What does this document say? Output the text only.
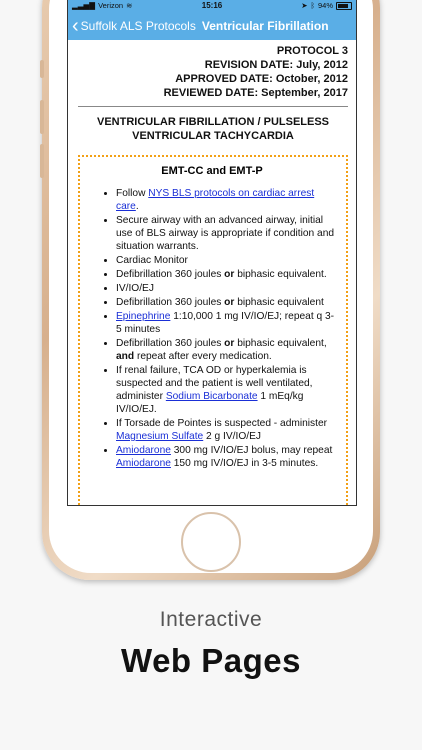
▂▃▅▇ Verizon ≋	15:16	➤ ᛒ 94%
‹ Suffolk ALS Protocols Ventricular Fibrillation
PROTOCOL 3
REVISION DATE: July, 2012
APPROVED DATE: October, 2012
REVIEWED DATE: September, 2017
VENTRICULAR FIBRILLATION / PULSELESS
VENTRICULAR TACHYCARDIA
EMT-CC and EMT-P
• Follow NYS BLS protocols on cardiac arrest care.
• Secure airway with an advanced airway, initial use of BLS airway is appropriate if condition and situation warrants.
• Cardiac Monitor
• Defibrillation 360 joules or biphasic equivalent.
• IV/IO/EJ
• Defibrillation 360 joules or biphasic equivalent
• Epinephrine 1:10,000 1 mg IV/IO/EJ; repeat q 3-5 minutes
• Defibrillation 360 joules or biphasic equivalent, and repeat after every medication.
• If renal failure, TCA OD or hyperkalemia is suspected and the patient is well ventilated, administer Sodium Bicarbonate 1 mEq/kg IV/IO/EJ.
• If Torsade de Pointes is suspected - administer Magnesium Sulfate 2 g IV/IO/EJ
• Amiodarone 300 mg IV/IO/EJ bolus, may repeat Amiodarone 150 mg IV/IO/EJ in 3-5 minutes.
Interactive
Web Pages
